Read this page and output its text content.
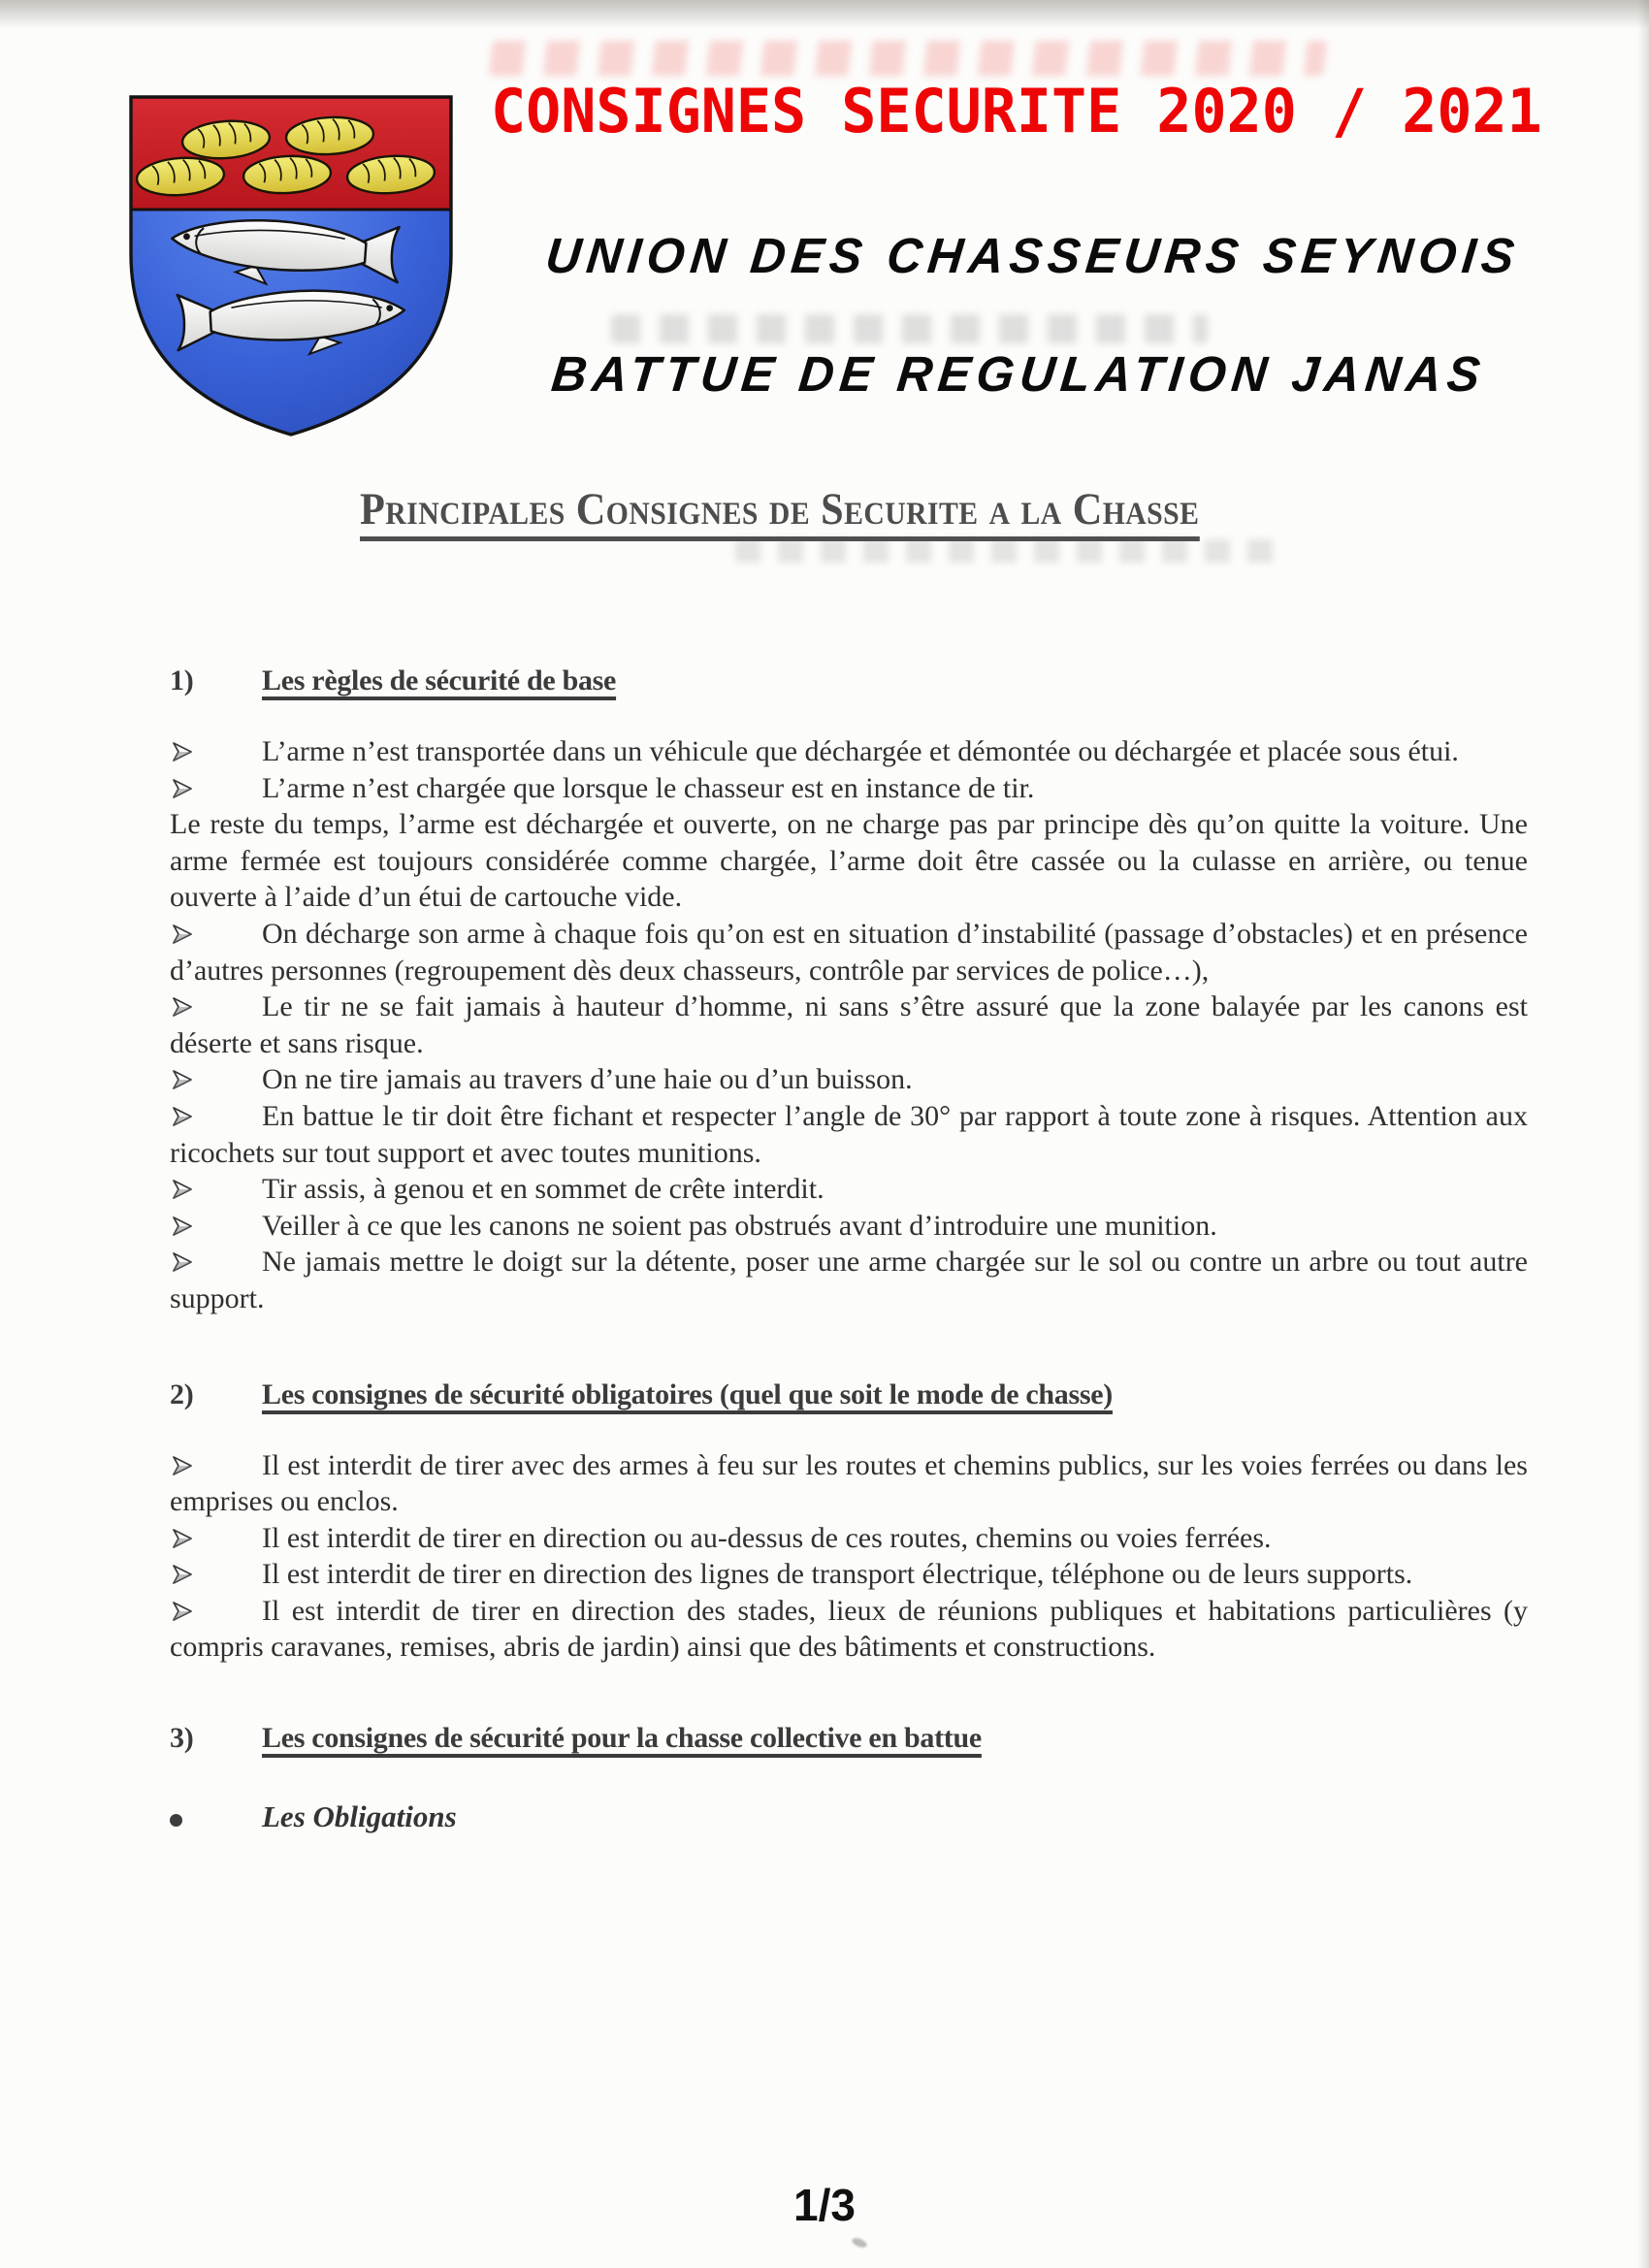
CONSIGNES SECURITE 2020 / 2021
UNION DES CHASSEURS SEYNOIS
BATTUE DE REGULATION JANAS
Principales Consignes de Securite a la Chasse

1) Les règles de sécurité de base

L’arme n’est transportée dans un véhicule que déchargée et démontée ou déchargée et placée sous étui.

L’arme n’est chargée que lorsque le chasseur est en instance de tir.

Le reste du temps, l’arme est déchargée et ouverte, on ne charge pas par principe dès qu’on quitte la voiture. Une arme fermée est toujours considérée comme chargée, l’arme doit être cassée ou la culasse en arrière, ou tenue ouverte à l’aide d’un étui de cartouche vide.

On décharge son arme à chaque fois qu’on est en situation d’instabilité (passage d’obstacles) et en présence d’autres personnes (regroupement dès deux chasseurs, contrôle par services de police…),

Le tir ne se fait jamais à hauteur d’homme, ni sans s’être assuré que la zone balayée par les canons est déserte et sans risque.

On ne tire jamais au travers d’une haie ou d’un buisson.

En battue le tir doit être fichant et respecter l’angle de 30° par rapport à toute zone à risques. Attention aux ricochets sur tout support et avec toutes munitions.

Tir assis, à genou et en sommet de crête interdit.

Veiller à ce que les canons ne soient pas obstrués avant d’introduire une munition.

Ne jamais mettre le doigt sur la détente, poser une arme chargée sur le sol ou contre un arbre ou tout autre support.

2) Les consignes de sécurité obligatoires (quel que soit le mode de chasse)

Il est interdit de tirer avec des armes à feu sur les routes et chemins publics, sur les voies ferrées ou dans les emprises ou enclos.

Il est interdit de tirer en direction ou au-dessus de ces routes, chemins ou voies ferrées.

Il est interdit de tirer en direction des lignes de transport électrique, téléphone ou de leurs supports.

Il est interdit de tirer en direction des stades, lieux de réunions publiques et habitations particulières (y compris caravanes, remises, abris de jardin) ainsi que des bâtiments et constructions.

3) Les consignes de sécurité pour la chasse collective en battue

Les Obligations

1/3
